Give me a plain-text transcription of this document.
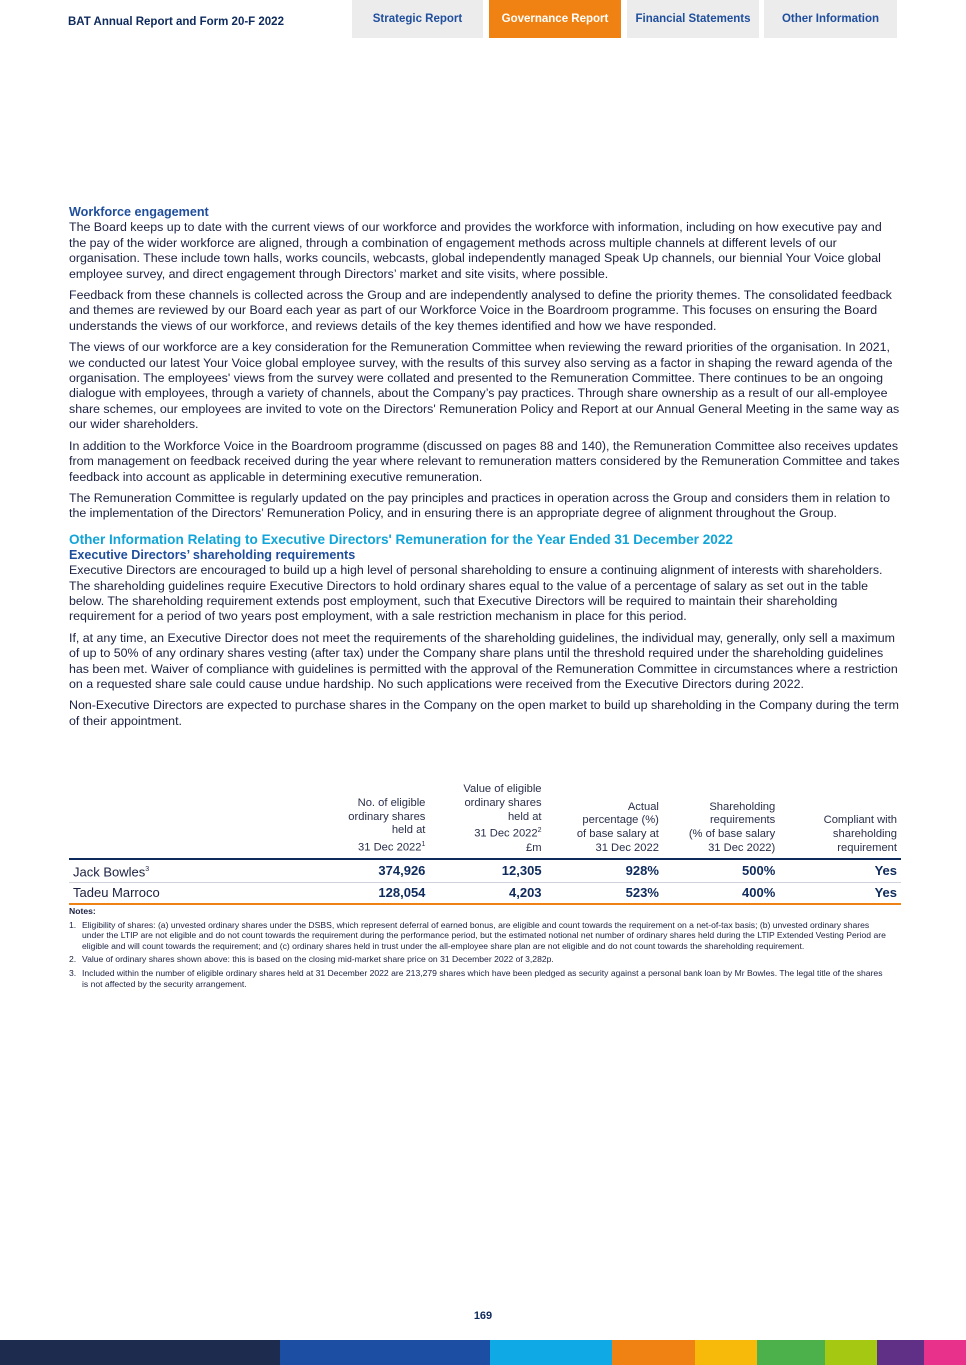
BAT Annual Report and Form 20-F 2022	Strategic Report	Governance Report	Financial Statements	Other Information
Workforce engagement

The Board keeps up to date with the current views of our workforce and provides the workforce with information, including on how executive pay and the pay of the wider workforce are aligned, through a combination of engagement methods across multiple channels at different levels of our organisation. These include town halls, works councils, webcasts, global independently managed Speak Up channels, our biennial Your Voice global employee survey, and direct engagement through Directors’ market and site visits, where possible.

Feedback from these channels is collected across the Group and are independently analysed to define the priority themes. The consolidated feedback and themes are reviewed by our Board each year as part of our Workforce Voice in the Boardroom programme. This focuses on ensuring the Board understands the views of our workforce, and reviews details of the key themes identified and how we have responded.

The views of our workforce are a key consideration for the Remuneration Committee when reviewing the reward priorities of the organisation. In 2021, we conducted our latest Your Voice global employee survey, with the results of this survey also serving as a factor in shaping the reward agenda of the organisation. The employees' views from the survey were collated and presented to the Remuneration Committee. There continues to be an ongoing dialogue with employees, through a variety of channels, about the Company’s pay practices. Through share ownership as a result of our all-employee share schemes, our employees are invited to vote on the Directors' Remuneration Policy and Report at our Annual General Meeting in the same way as our wider shareholders.

In addition to the Workforce Voice in the Boardroom programme (discussed on pages 88 and 140), the Remuneration Committee also receives updates from management on feedback received during the year where relevant to remuneration matters considered by the Remuneration Committee and takes feedback into account as applicable in determining executive remuneration.

The Remuneration Committee is regularly updated on the pay principles and practices in operation across the Group and considers them in relation to the implementation of the Directors’ Remuneration Policy, and in ensuring there is an appropriate degree of alignment throughout the Group.

Other Information Relating to Executive Directors' Remuneration for the Year Ended 31 December 2022
Executive Directors’ shareholding requirements

Executive Directors are encouraged to build up a high level of personal shareholding to ensure a continuing alignment of interests with shareholders. The shareholding guidelines require Executive Directors to hold ordinary shares equal to the value of a percentage of salary as set out in the table below. The shareholding requirement extends post employment, such that Executive Directors will be required to maintain their shareholding requirement for a period of two years post employment, with a sale restriction mechanism in place for this period.

If, at any time, an Executive Director does not meet the requirements of the shareholding guidelines, the individual may, generally, only sell a maximum of up to 50% of any ordinary shares vesting (after tax) under the Company share plans until the threshold required under the shareholding guidelines has been met. Waiver of compliance with guidelines is permitted with the approval of the Remuneration Committee in circumstances where a restriction on a requested share sale could cause undue hardship. No such applications were received from the Executive Directors during 2022.

Non-Executive Directors are expected to purchase shares in the Company on the open market to build up shareholding in the Company during the term of their appointment.

	No. of eligible
ordinary shares
held at
31 Dec 2022$^1$	Value of eligible
ordinary shares
held at
31 Dec 2022$^2$
£m	Actual
percentage (%)
of base salary at
31 Dec 2022	Shareholding
requirements
(% of base salary
31 Dec 2022)	Compliant with
shareholding
requirement
Jack Bowles$^3$	374,926	12,305	928%	500%	Yes
Tadeu Marroco	128,054	4,203	523%	400%	Yes
Notes:
1. Eligibility of shares: (a) unvested ordinary shares under the DSBS, which represent deferral of earned bonus, are eligible and count towards the requirement on a net-of-tax basis; (b) unvested ordinary shares under the LTIP are not eligible and do not count towards the requirement during the performance period, but the estimated notional net number of ordinary shares held during the LTIP Extended Vesting Period are eligible and will count towards the requirement; and (c) ordinary shares held in trust under the all-employee share plan are not eligible and do not count towards the shareholding requirement.
2. Value of ordinary shares shown above: this is based on the closing mid-market share price on 31 December 2022 of 3,282p.
3. Included within the number of eligible ordinary shares held at 31 December 2022 are 213,279 shares which have been pledged as security against a personal bank loan by Mr Bowles. The legal title of the shares is not affected by the security arrangement.
169
